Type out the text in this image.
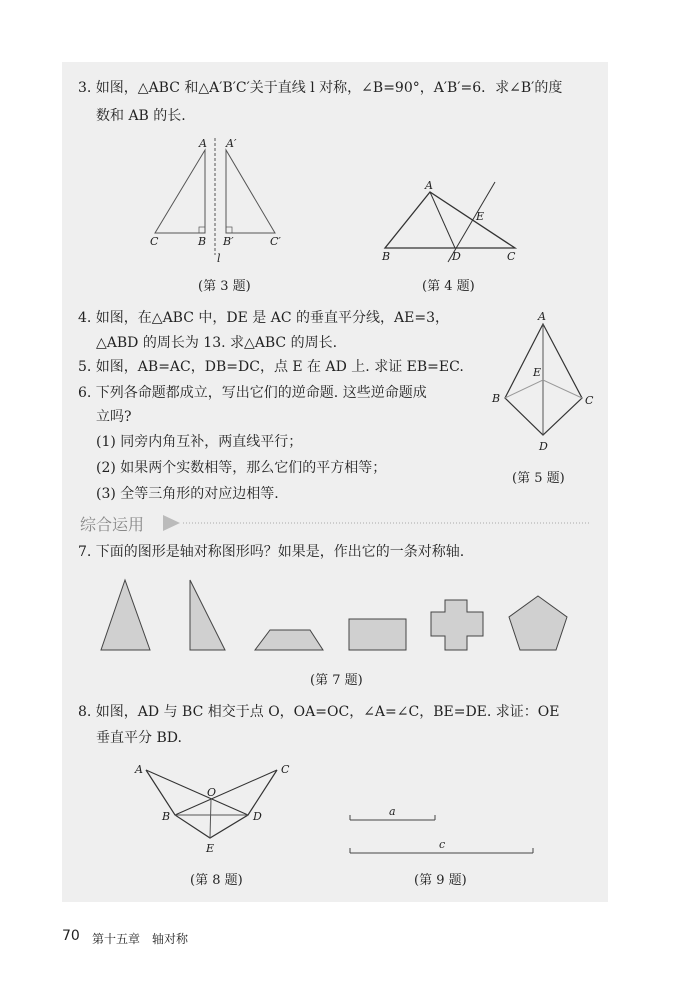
3. 如图，△ABC 和△A′B′C′关于直线 l 对称，∠B=90°，A′B′=6．求∠B′的度
数和 AB 的长.
A A′
C	B B′	C′
l
(第 3 题)
A
E
B	D	C
(第 4 题)
4. 如图，在△ABC 中，DE 是 AC 的垂直平分线，AE=3，
△ABD 的周长为 13. 求△ABC 的周长.
5. 如图，AB=AC，DB=DC，点 E 在 AD 上. 求证 EB=EC.
6. 下列各命题都成立，写出它们的逆命题. 这些逆命题成
立吗?
(1) 同旁内角互补，两直线平行；
(2) 如果两个实数相等，那么它们的平方相等；
(3) 全等三角形的对应边相等.
A
E
B	C
D
(第 5 题)
综合运用
7. 下面的图形是轴对称图形吗？如果是，作出它的一条对称轴.
(第 7 题)
8. 如图，AD 与 BC 相交于点 O，OA=OC，∠A=∠C，BE=DE. 求证：OE
垂直平分 BD.
A	C
O
B	D
E
(第 8 题)
a
c
(第 9 题)
70 第十五章　轴对称
